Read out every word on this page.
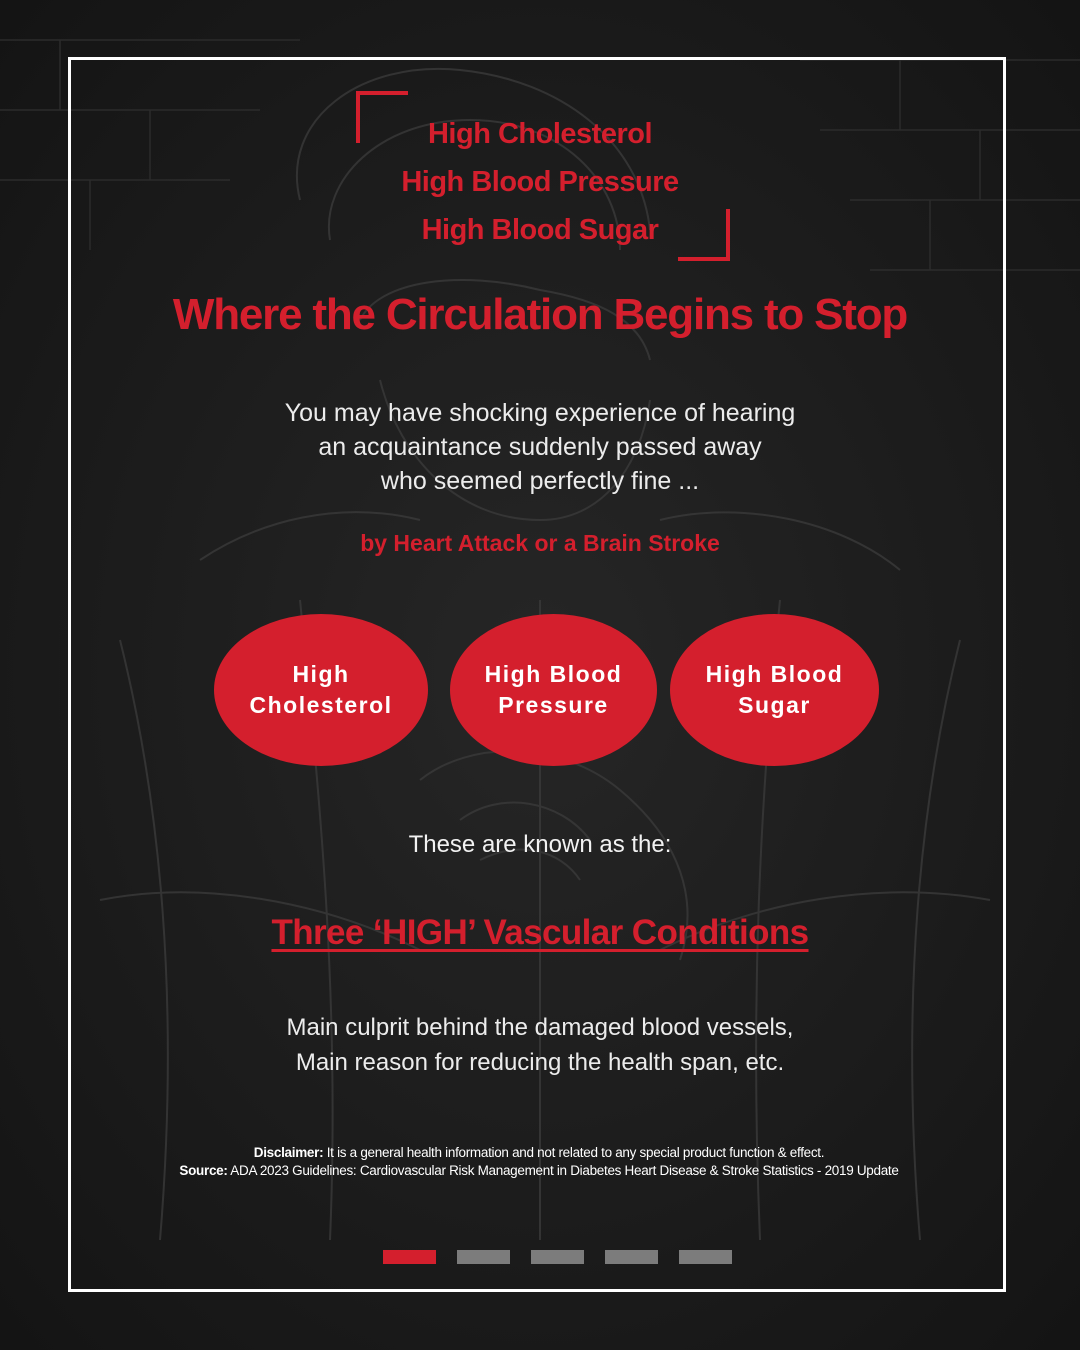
High Cholesterol
High Blood Pressure
High Blood Sugar
Where the Circulation Begins to Stop
You may have shocking experience of hearing
an acquaintance suddenly passed away
who seemed perfectly fine ...
by Heart Attack or a Brain Stroke
High
Cholesterol
High Blood
Pressure
High Blood
Sugar
These are known as the:
Three ‘HIGH’ Vascular Conditions
Main culprit behind the damaged blood vessels,
Main reason for reducing the health span, etc.
Disclaimer: It is a general health information and not related to any special product function & effect.
Source: ADA 2023 Guidelines: Cardiovascular Risk Management in Diabetes Heart Disease & Stroke Statistics - 2019 Update
